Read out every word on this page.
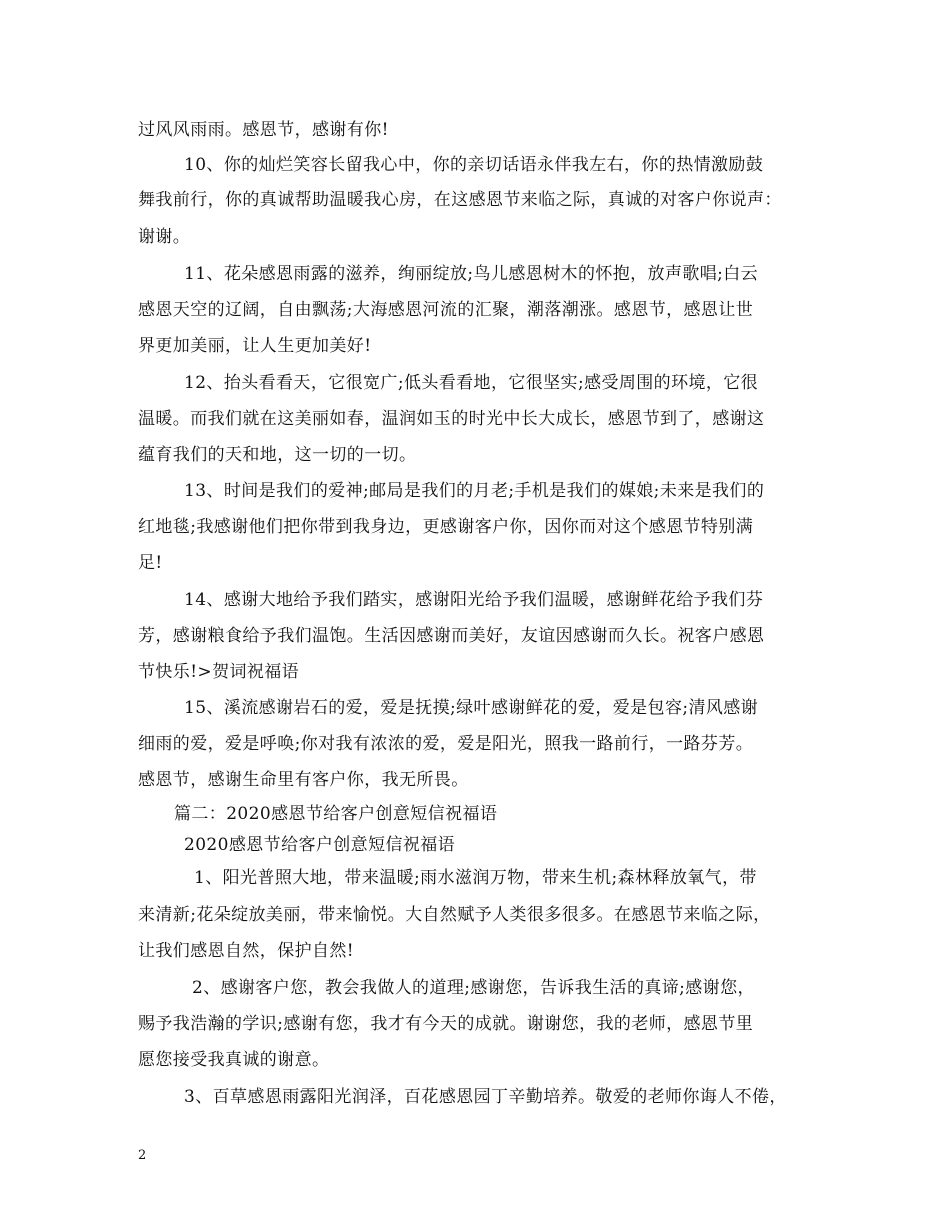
过风风雨雨。感恩节，感谢有你!
10、你的灿烂笑容长留我心中，你的亲切话语永伴我左右，你的热情激励鼓
舞我前行，你的真诚帮助温暖我心房，在这感恩节来临之际，真诚的对客户你说声：
谢谢。
11、花朵感恩雨露的滋养，绚丽绽放;鸟儿感恩树木的怀抱，放声歌唱;白云
感恩天空的辽阔，自由飘荡;大海感恩河流的汇聚，潮落潮涨。感恩节，感恩让世
界更加美丽，让人生更加美好!
12、抬头看看天，它很宽广;低头看看地，它很坚实;感受周围的环境，它很
温暖。而我们就在这美丽如春，温润如玉的时光中长大成长，感恩节到了，感谢这
蕴育我们的天和地，这一切的一切。
13、时间是我们的爱神;邮局是我们的月老;手机是我们的媒娘;未来是我们的
红地毯;我感谢他们把你带到我身边，更感谢客户你，因你而对这个感恩节特别满
足!
14、感谢大地给予我们踏实，感谢阳光给予我们温暖，感谢鲜花给予我们芬
芳，感谢粮食给予我们温饱。生活因感谢而美好，友谊因感谢而久长。祝客户感恩
节快乐!>贺词祝福语
15、溪流感谢岩石的爱，爱是抚摸;绿叶感谢鲜花的爱，爱是包容;清风感谢
细雨的爱，爱是呼唤;你对我有浓浓的爱，爱是阳光，照我一路前行，一路芬芳。
感恩节，感谢生命里有客户你，我无所畏。
篇二：2020感恩节给客户创意短信祝福语
2020感恩节给客户创意短信祝福语
1、阳光普照大地，带来温暖;雨水滋润万物，带来生机;森林释放氧气，带
来清新;花朵绽放美丽，带来愉悦。大自然赋予人类很多很多。在感恩节来临之际，
让我们感恩自然，保护自然!
2、感谢客户您，教会我做人的道理;感谢您，告诉我生活的真谛;感谢您，
赐予我浩瀚的学识;感谢有您，我才有今天的成就。谢谢您，我的老师，感恩节里
愿您接受我真诚的谢意。
3、百草感恩雨露阳光润泽，百花感恩园丁辛勤培养。敬爱的老师你诲人不倦，
2
